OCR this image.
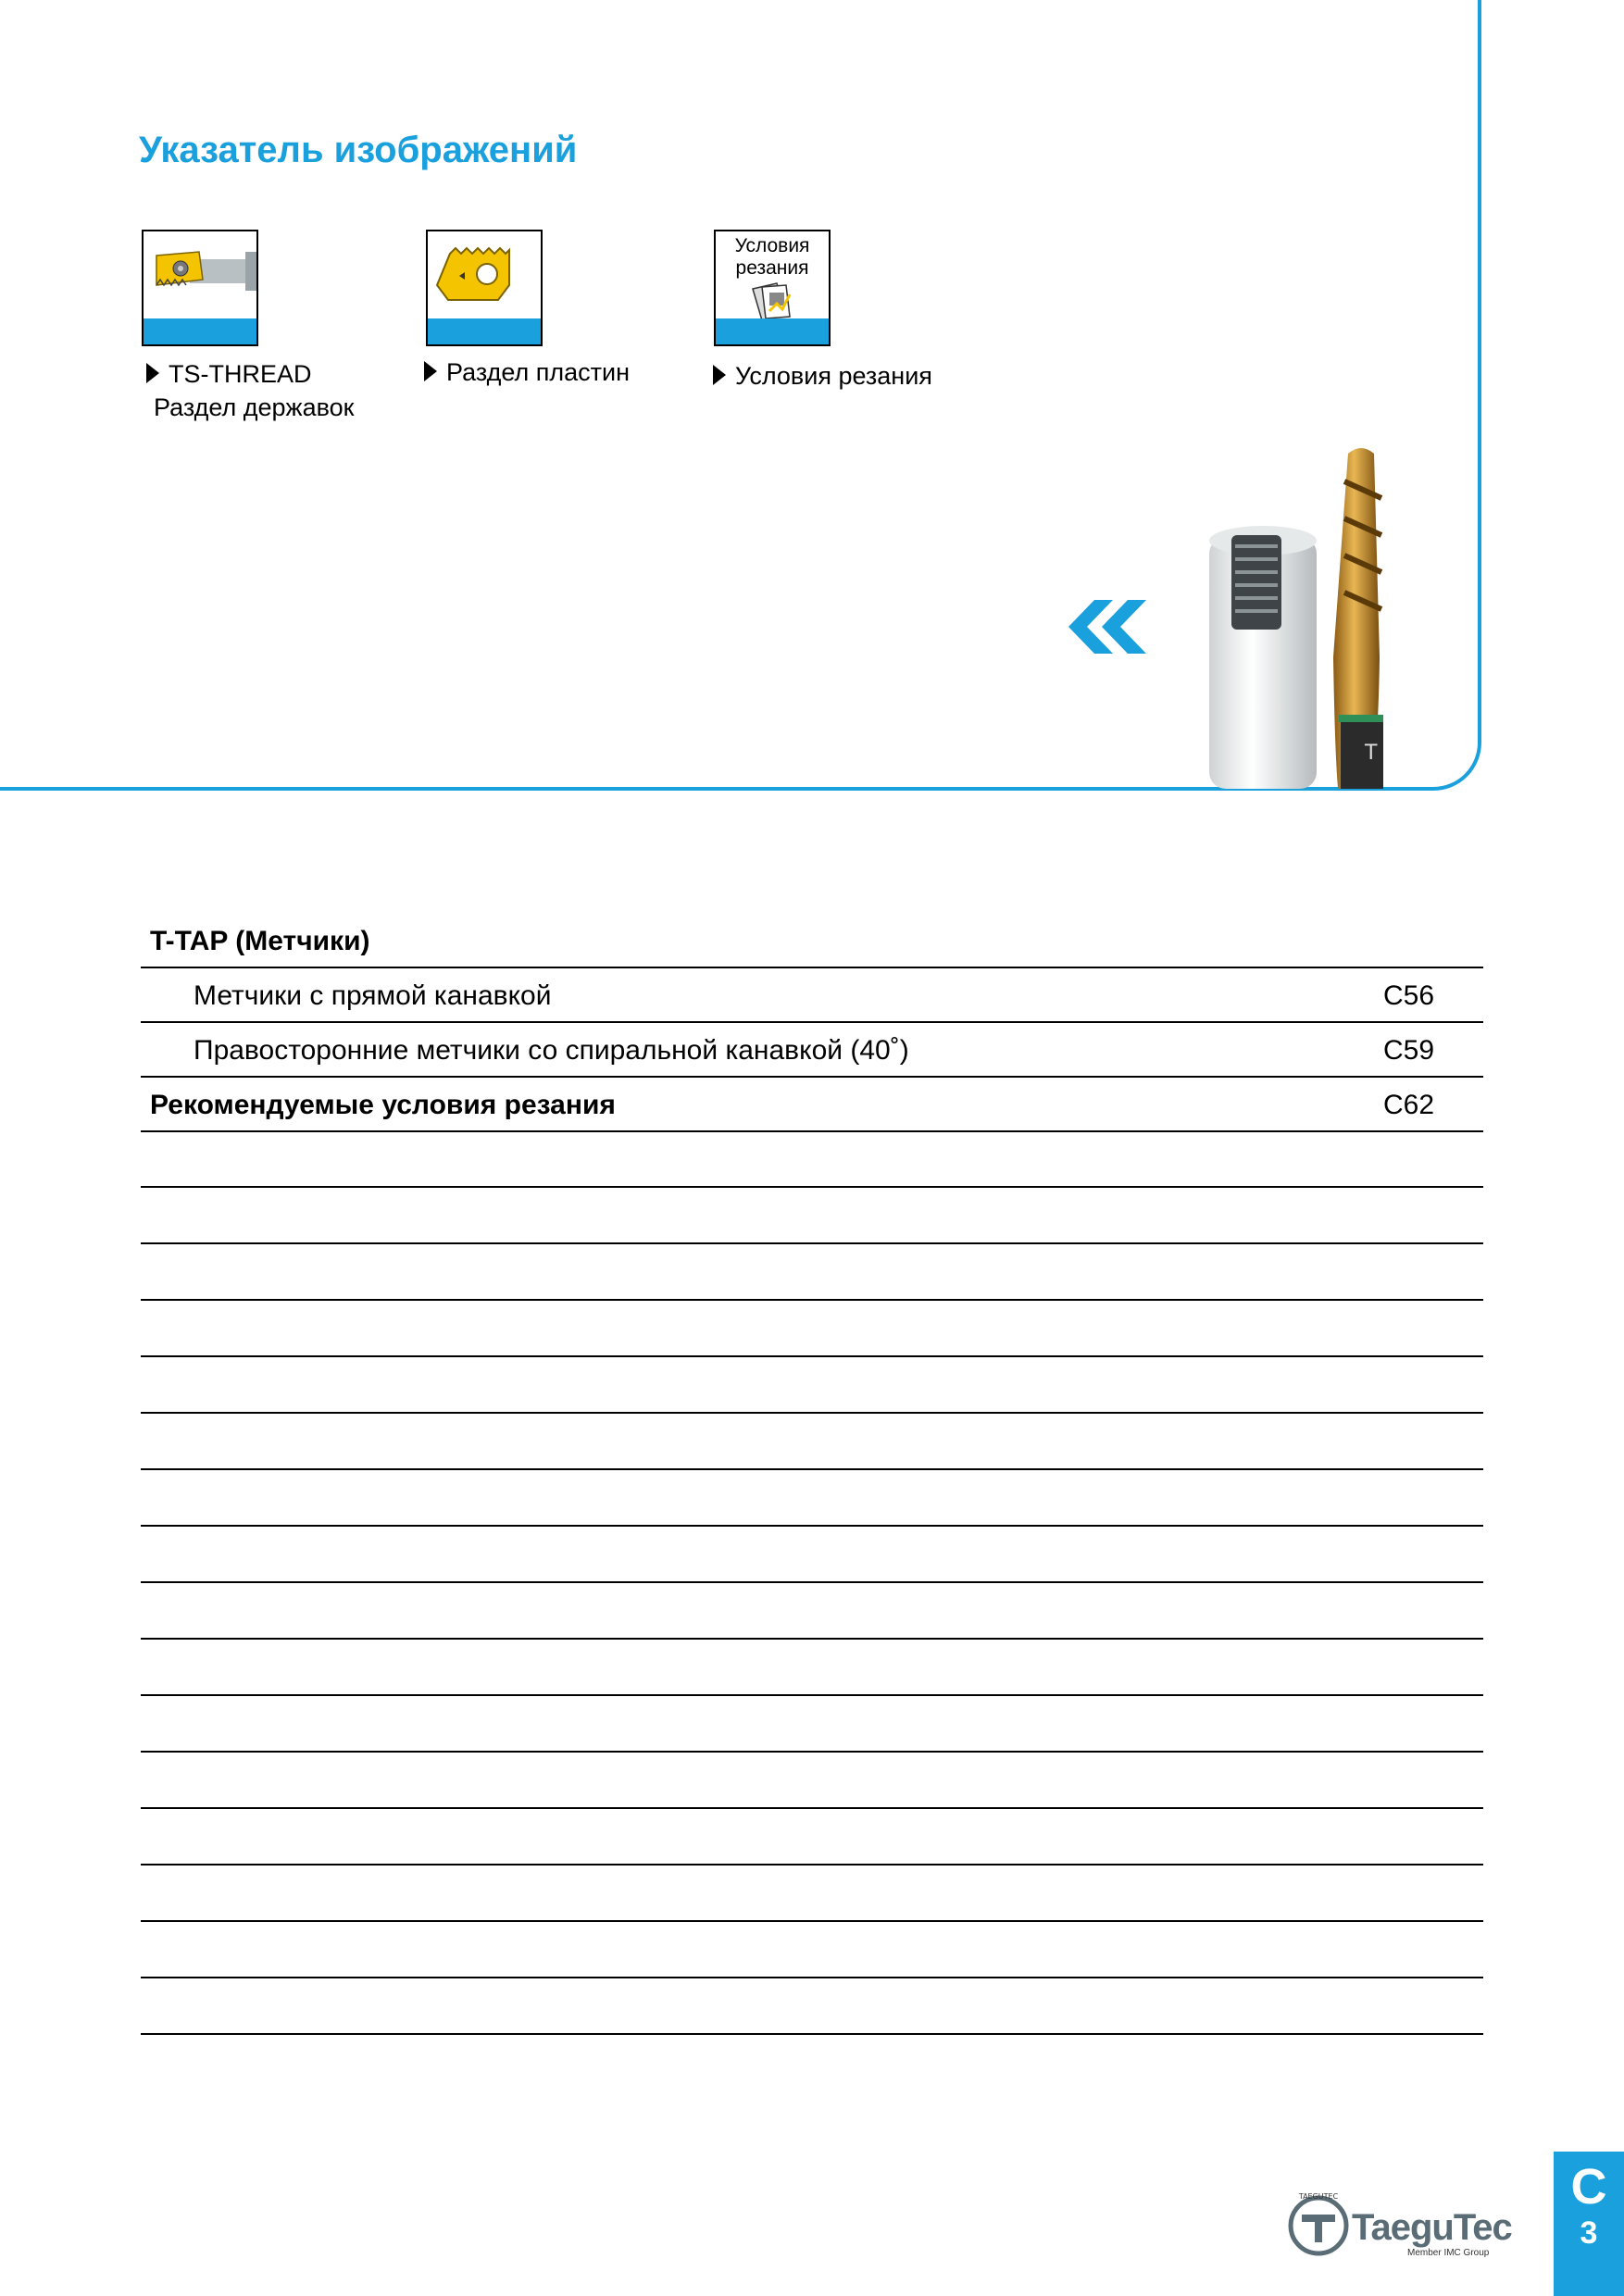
Указатель изображений
TS-THREAD
Раздел державок
Раздел пластин
Условия
резания
Условия резания
T
T-TAP (Метчики)
Метчики с прямой канавкой	C56
Правосторонние метчики со спиральной канавкой (40˚)	C59
Рекомендуемые условия резания	C62
TAEGUTEC
TaeguTec
Member IMC Group
C
3
